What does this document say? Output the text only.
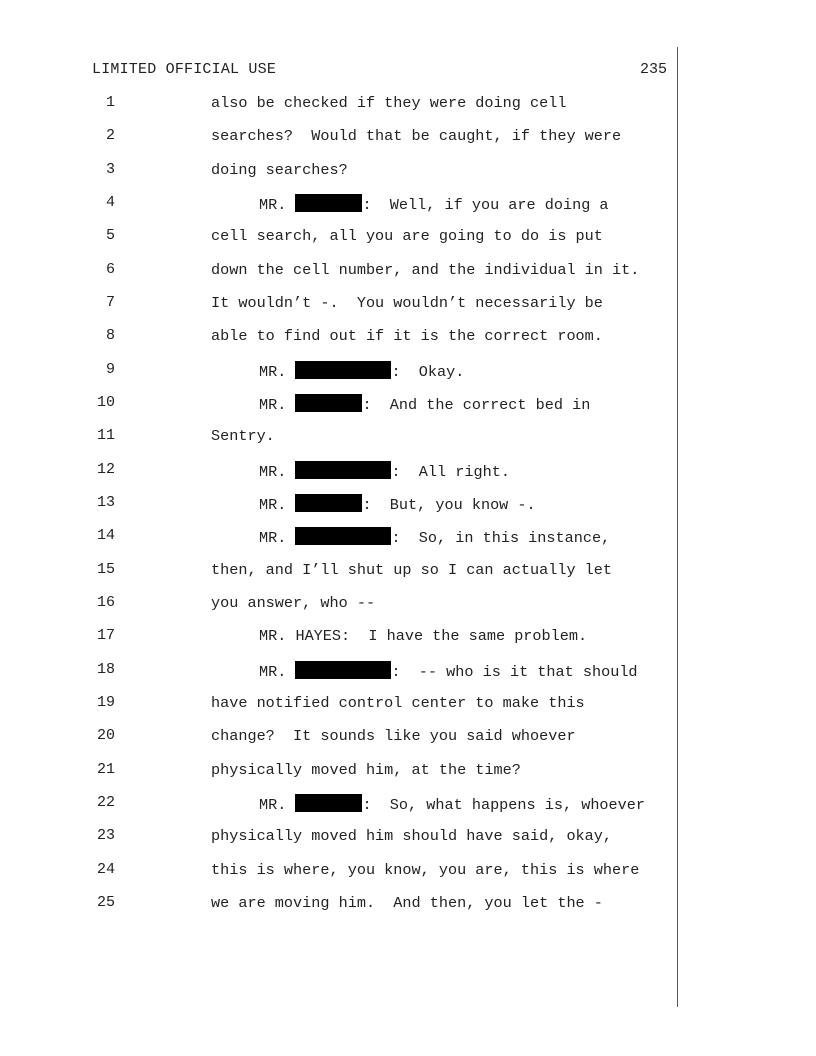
LIMITED OFFICIAL USE	235
1	also be checked if they were doing cell
2	searches?  Would that be caught, if they were
3	doing searches?
4	MR.	:  Well, if you are doing a
5	cell search, all you are going to do is put
6	down the cell number, and the individual in it.
7	It wouldn’t -.  You wouldn’t necessarily be
8	able to find out if it is the correct room.
9	MR.	:  Okay.
10	MR.	:  And the correct bed in
11	Sentry.
12	MR.	:  All right.
13	MR.	:  But, you know -.
14	MR.	:  So, in this instance,
15	then, and I’ll shut up so I can actually let
16	you answer, who --
17	MR. HAYES:  I have the same problem.
18	MR.	:  -- who is it that should
19	have notified control center to make this
20	change?  It sounds like you said whoever
21	physically moved him, at the time?
22	MR.	:  So, what happens is, whoever
23	physically moved him should have said, okay,
24	this is where, you know, you are, this is where
25	we are moving him.  And then, you let the -
